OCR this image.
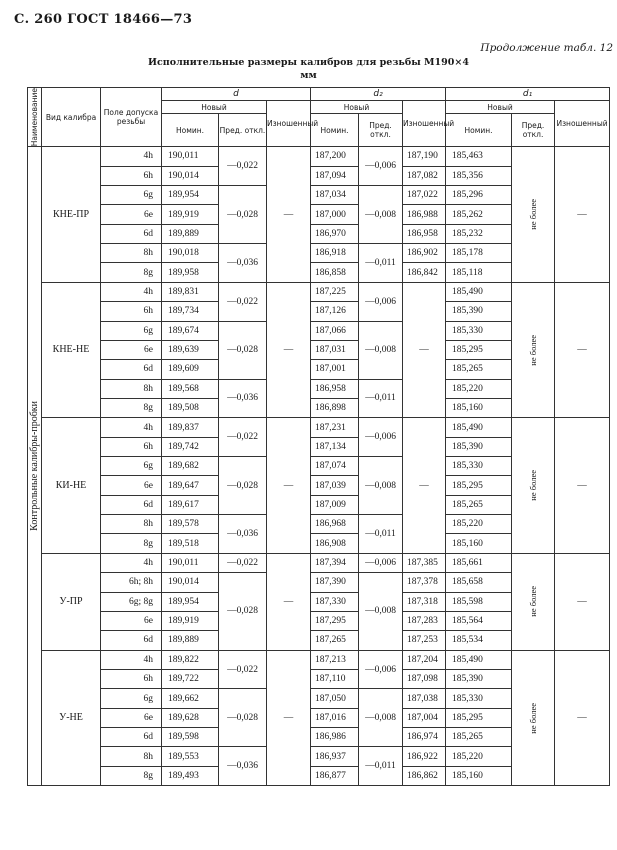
С. 260 ГОСТ 18466—73
Продолжение табл. 12
Исполнительные размеры калибров для резьбы М190×4
мм
Наименование	Вид калибра	Поле допуска резьбы	d			d₂			d₁			
			Новый		Изношенный	Новый		Изношенный	Новый		Изношенный	
			Номин.	Пред. откл.		Номин.	Пред. откл.		Номин.	Пред. откл.		

Контрольные калибры-пробки	КНЕ-ПР	4h	190,011	—0,022	—	187,200	—0,006	187,190	185,463	не более	—	
		6h	190,014			187,094		187,082	185,356			
		6g	189,954	—0,028		187,034	—0,008	187,022	185,296			
		6e	189,919			187,000		186,988	185,262			
		6d	189,889			186,970		186,958	185,232			
		8h	190,018	—0,036		186,918	—0,011	186,902	185,178			
		8g	189,958			186,858		186,842	185,118			
	КНЕ-НЕ	4h	189,831	—0,022	—	187,225	—0,006	—	185,490	не более	—	
		6h	189,734			187,126			185,390			
		6g	189,674	—0,028		187,066	—0,008		185,330			
		6e	189,639			187,031			185,295			
		6d	189,609			187,001			185,265			
		8h	189,568	—0,036		186,958	—0,011		185,220			
		8g	189,508			186,898			185,160			
	КИ-НЕ	4h	189,837	—0,022	—	187,231	—0,006	—	185,490	не более	—	
		6h	189,742			187,134			185,390			
		6g	189,682	—0,028		187,074	—0,008		185,330			
		6e	189,647			187,039			185,295			
		6d	189,617			187,009			185,265			
		8h	189,578	—0,036		186,968	—0,011		185,220			
		8g	189,518			186,908			185,160			
	У-ПР	4h	190,011	—0,022	—	187,394	—0,006	187,385	185,661	не более	—	
		6h; 8h	190,014	—0,028		187,390	—0,008	187,378	185,658			
		6g; 8g	189,954			187,330		187,318	185,598			
		6e	189,919			187,295		187,283	185,564			
		6d	189,889			187,265		187,253	185,534			
	У-НЕ	4h	189,822	—0,022	—	187,213	—0,006	187,204	185,490	не более	—	
		6h	189,722			187,110		187,098	185,390			
		6g	189,662	—0,028		187,050	—0,008	187,038	185,330			
		6e	189,628			187,016		187,004	185,295			
		6d	189,598			186,986		186,974	185,265			
		8h	189,553	—0,036		186,937	—0,011	186,922	185,220			
		8g	189,493			186,877		186,862	185,160			
